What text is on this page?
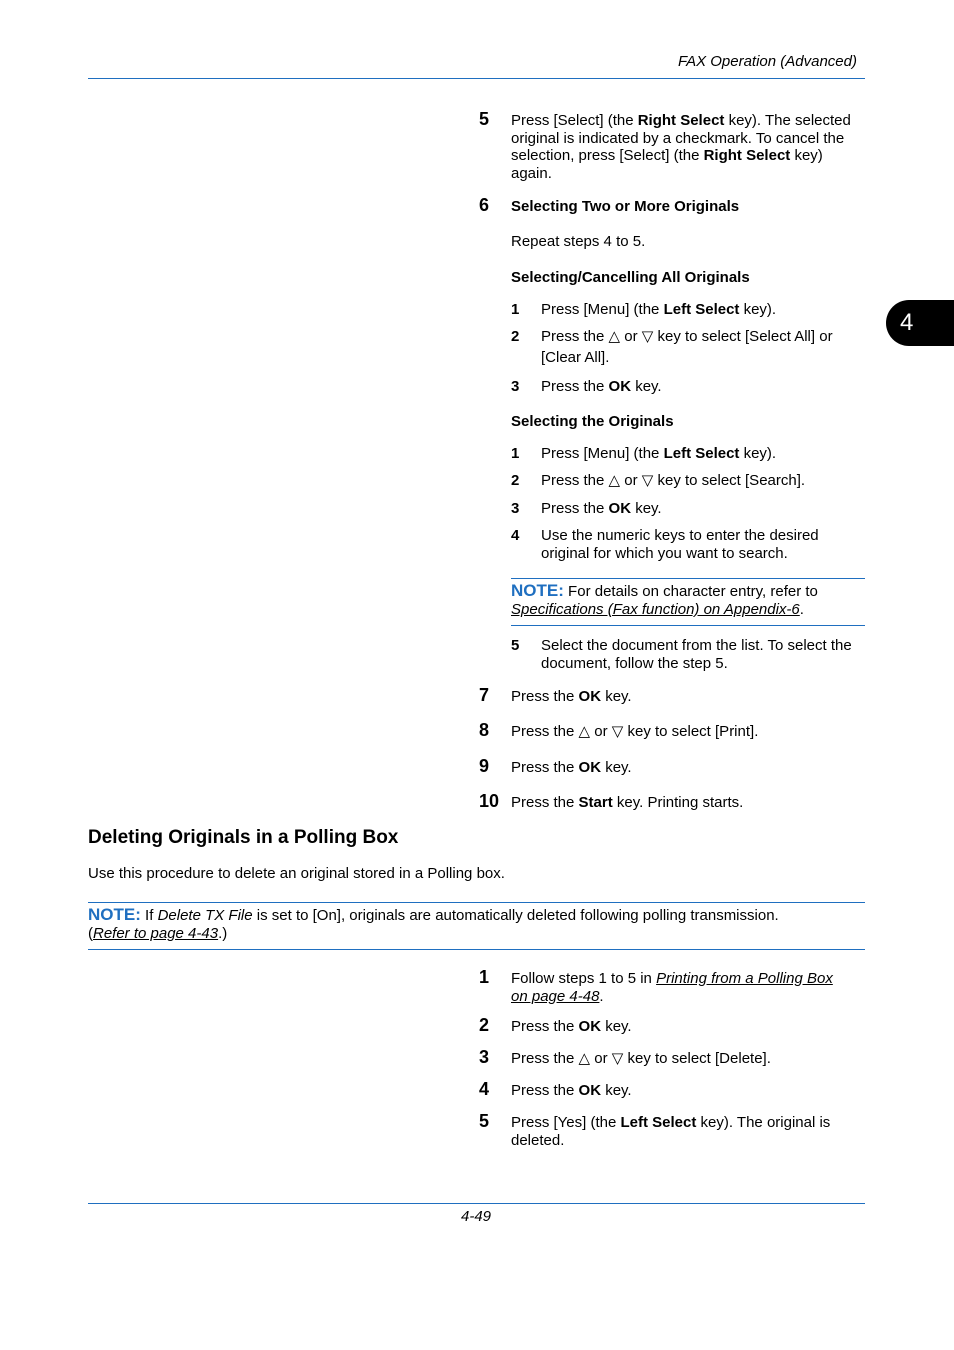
FAX Operation (Advanced)
4
5	Press [Select] (the Right Select key). The selected original is indicated by a checkmark. To cancel the selection, press [Select] (the Right Select key) again.
6	Selecting Two or More Originals
Repeat steps 4 to 5.
Selecting/Cancelling All Originals
1 Press [Menu] (the Left Select key).
2 Press the △ or ▽ key to select [Select All] or [Clear All].
3 Press the OK key.
Selecting the Originals
1 Press [Menu] (the Left Select key).
2 Press the △ or ▽ key to select [Search].
3 Press the OK key.
4 Use the numeric keys to enter the desired original for which you want to search.
NOTE: For details on character entry, refer to Specifications (Fax function) on Appendix-6.
5 Select the document from the list. To select the document, follow the step 5.
7	Press the OK key.
8	Press the △ or ▽ key to select [Print].
9	Press the OK key.
10 Press the Start key. Printing starts.
Deleting Originals in a Polling Box
Use this procedure to delete an original stored in a Polling box.
NOTE: If Delete TX File is set to [On], originals are automatically deleted following polling transmission.
(Refer to page 4-43.)
1	Follow steps 1 to 5 in Printing from a Polling Box
on page 4-48.
2	Press the OK key.
3	Press the △ or ▽ key to select [Delete].
4	Press the OK key.
5	Press [Yes] (the Left Select key). The original is deleted.
4-49
